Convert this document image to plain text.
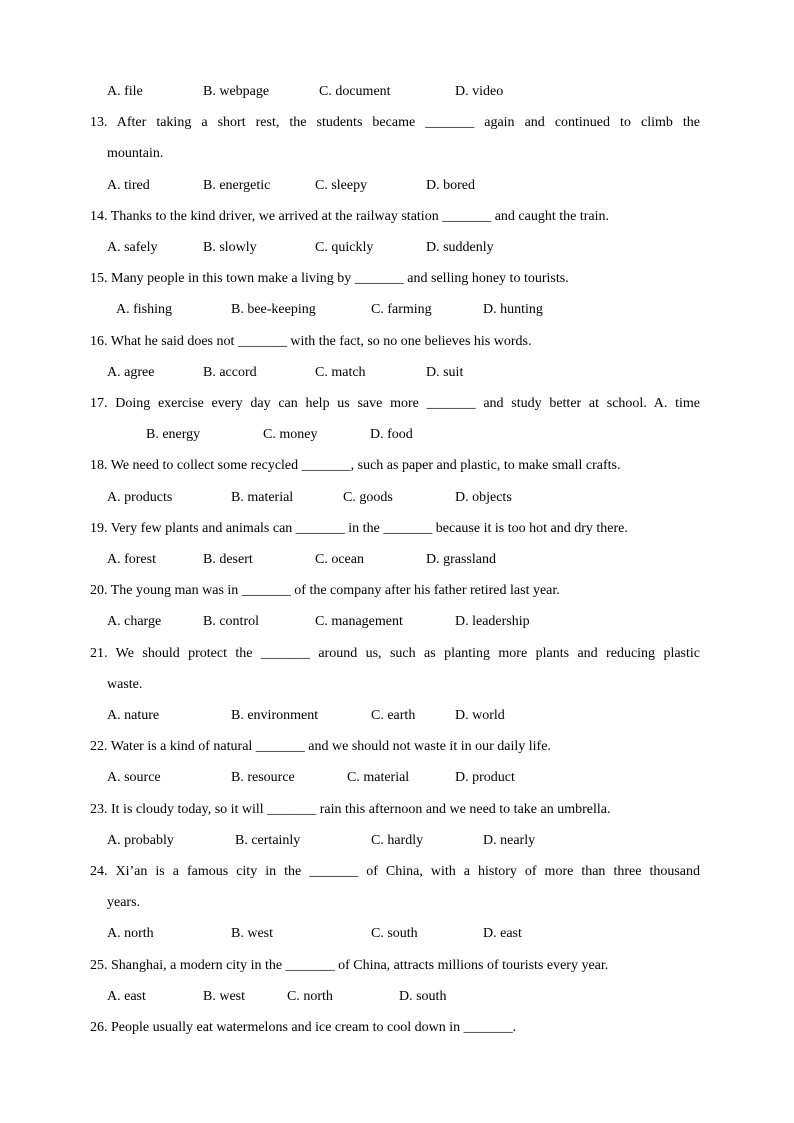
A. file	B. webpage	C. document	D. video
13. After taking a short rest, the students became _______ again and continued to climb the
mountain.
A. tired	B. energetic	C. sleepy	D. bored
14. Thanks to the kind driver, we arrived at the railway station _______ and caught the train.
A. safely	B. slowly	C. quickly	D. suddenly
15. Many people in this town make a living by _______ and selling honey to tourists.
A. fishing	B. bee-keeping	C. farming	D. hunting
16. What he said does not _______ with the fact, so no one believes his words.
A. agree	B. accord	C. match	D. suit
17. Doing exercise every day can help us save more _______ and study better at school. A. time
B. energy	C. money	D. food
18. We need to collect some recycled _______, such as paper and plastic, to make small crafts.
A. products	B. material	C. goods	D. objects
19. Very few plants and animals can _______ in the _______ because it is too hot and dry there.
A. forest	B. desert	C. ocean	D. grassland
20. The young man was in _______ of the company after his father retired last year.
A. charge	B. control	C. management	D. leadership
21. We should protect the _______ around us, such as planting more plants and reducing plastic
waste.
A. nature	B. environment	C. earth	D. world
22. Water is a kind of natural _______ and we should not waste it in our daily life.
A. source	B. resource	C. material	D. product
23. It is cloudy today, so it will _______ rain this afternoon and we need to take an umbrella.
A. probably	B. certainly	C. hardly	D. nearly
24. Xi’an is a famous city in the _______ of China, with a history of more than three thousand
years.
A. north	B. west	C. south	D. east
25. Shanghai, a modern city in the _______ of China, attracts millions of tourists every year.
A. east	B. west	C. north	D. south
26. People usually eat watermelons and ice cream to cool down in _______.
